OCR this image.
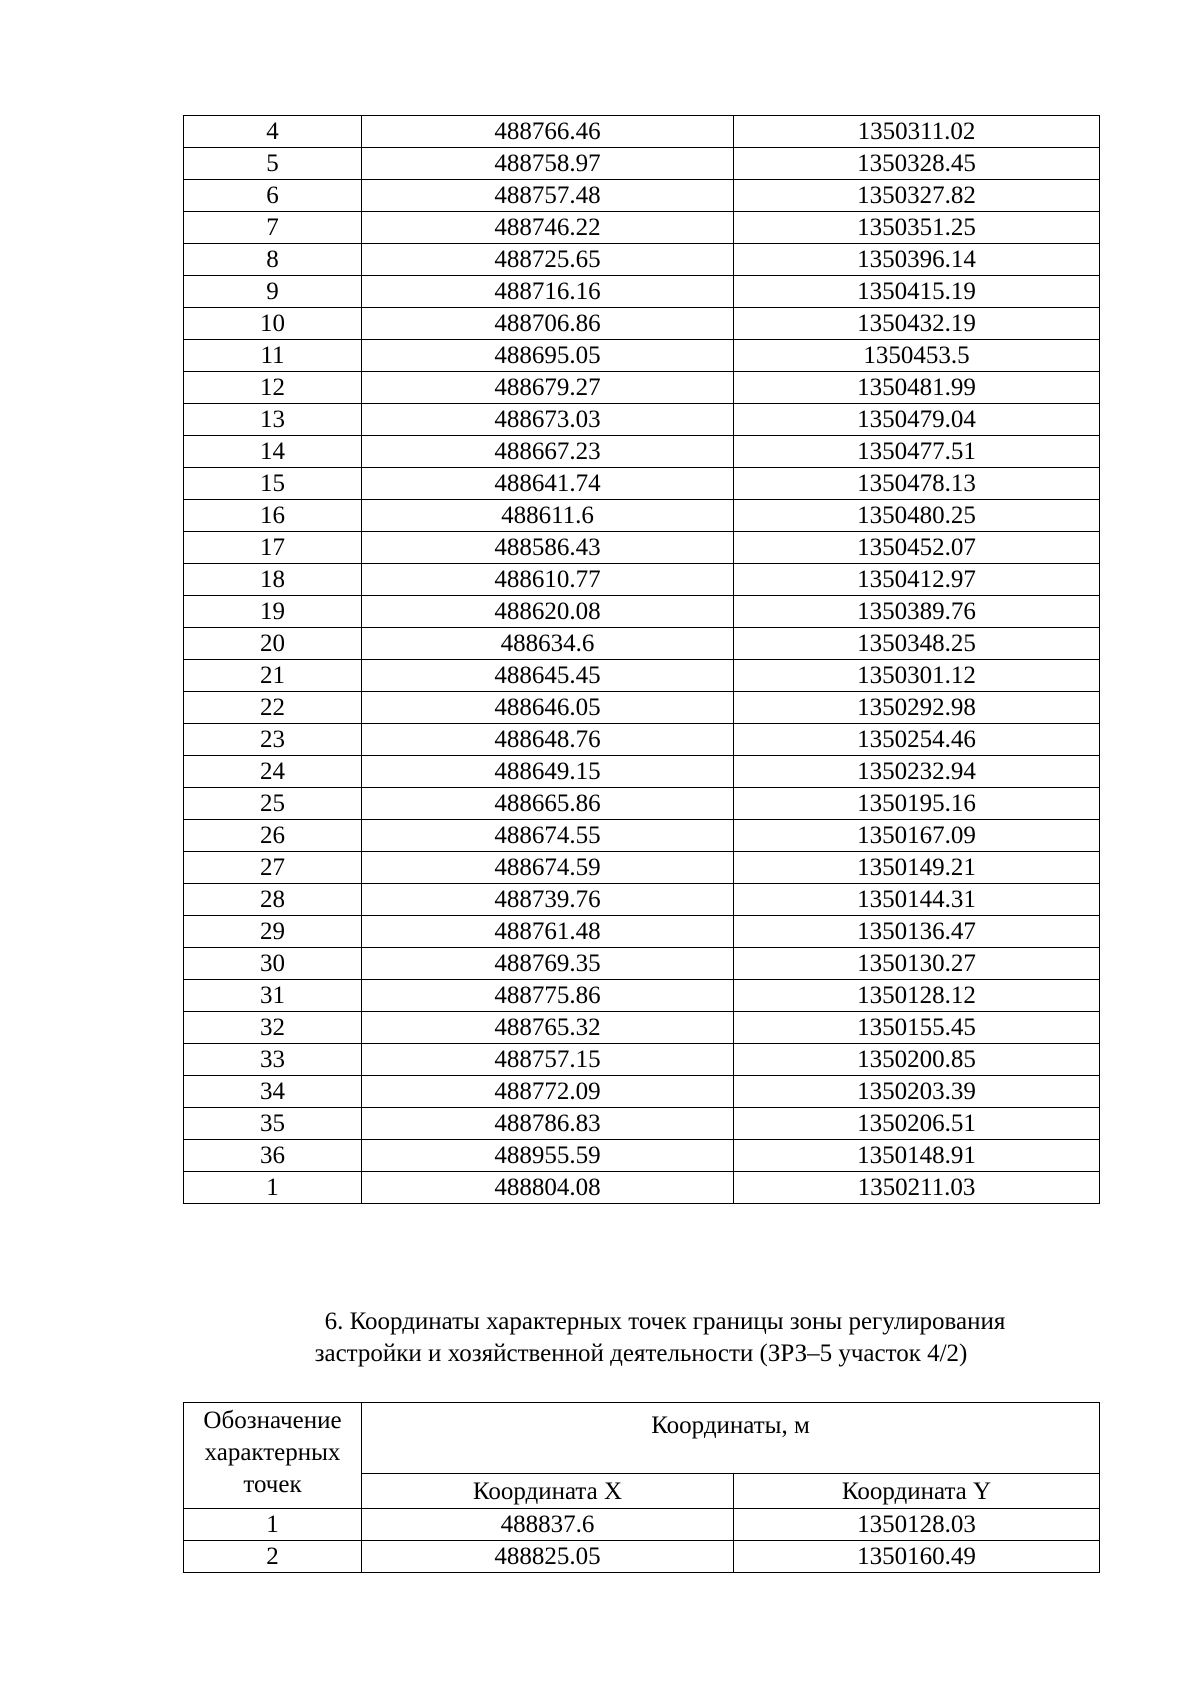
4	488766.46	1350311.02
5	488758.97	1350328.45
6	488757.48	1350327.82
7	488746.22	1350351.25
8	488725.65	1350396.14
9	488716.16	1350415.19
10	488706.86	1350432.19
11	488695.05	1350453.5
12	488679.27	1350481.99
13	488673.03	1350479.04
14	488667.23	1350477.51
15	488641.74	1350478.13
16	488611.6	1350480.25
17	488586.43	1350452.07
18	488610.77	1350412.97
19	488620.08	1350389.76
20	488634.6	1350348.25
21	488645.45	1350301.12
22	488646.05	1350292.98
23	488648.76	1350254.46
24	488649.15	1350232.94
25	488665.86	1350195.16
26	488674.55	1350167.09
27	488674.59	1350149.21
28	488739.76	1350144.31
29	488761.48	1350136.47
30	488769.35	1350130.27
31	488775.86	1350128.12
32	488765.32	1350155.45
33	488757.15	1350200.85
34	488772.09	1350203.39
35	488786.83	1350206.51
36	488955.59	1350148.91
1	488804.08	1350211.03
6. Координаты характерных точек границы зоны регулирования
застройки и хозяйственной деятельности (ЗРЗ–5 участок 4/2)
Обозначение характерных точек	Координаты, м	
	Координата X	Координата Y
1	488837.6	1350128.03
2	488825.05	1350160.49
